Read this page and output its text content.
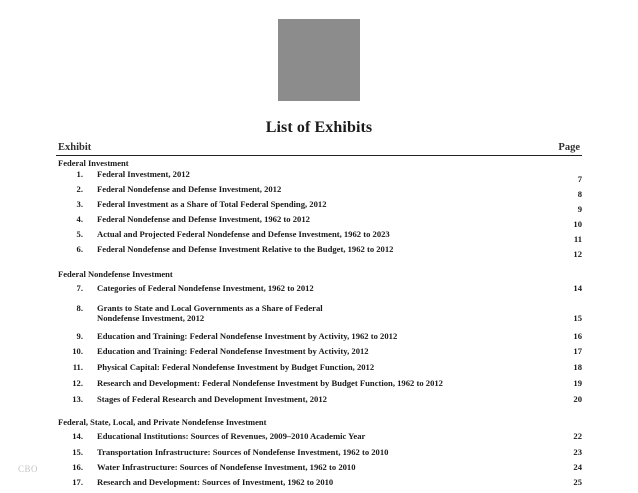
List of Exhibits
Exhibit	Page
Federal Investment
1. Federal Investment, 2012	7
2. Federal Nondefense and Defense Investment, 2012	8
3. Federal Investment as a Share of Total Federal Spending, 2012	9
4. Federal Nondefense and Defense Investment, 1962 to 2012	10
5. Actual and Projected Federal Nondefense and Defense Investment, 1962 to 2023	11
6. Federal Nondefense and Defense Investment Relative to the Budget, 1962 to 2012	12
Federal Nondefense Investment
7. Categories of Federal Nondefense Investment, 1962 to 2012	14
8. Grants to State and Local Governments as a Share of Federal Nondefense Investment, 2012	15
9. Education and Training: Federal Nondefense Investment by Activity, 1962 to 2012	16
10. Education and Training: Federal Nondefense Investment by Activity, 2012	17
11. Physical Capital: Federal Nondefense Investment by Budget Function, 2012	18
12. Research and Development: Federal Nondefense Investment by Budget Function, 1962 to 2012	19
13. Stages of Federal Research and Development Investment, 2012	20
Federal, State, Local, and Private Nondefense Investment
14. Educational Institutions: Sources of Revenues, 2009–2010 Academic Year	22
15. Transportation Infrastructure: Sources of Nondefense Investment, 1962 to 2010	23
16. Water Infrastructure: Sources of Nondefense Investment, 1962 to 2010	24
17. Research and Development: Sources of Investment, 1962 to 2010	25
CBO
